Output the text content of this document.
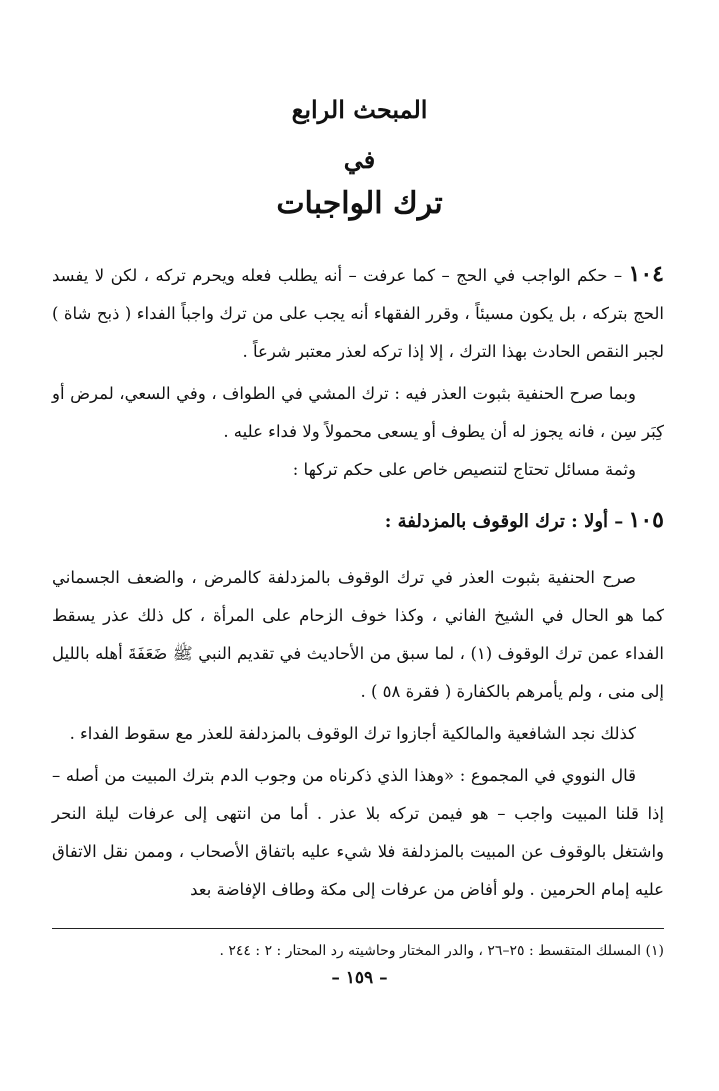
المبحث الرابع
في
ترك الواجبات

١٠٤ – حكم الواجب في الحج – كما عرفت – أنه يطلب فعله ويحرم تركه ، لكن لا يفسد الحج بتركه ، بل يكون مسيئاً ، وقرر الفقهاء أنه يجب على من ترك واجباً الفداء ( ذبح شاة ) لجبر النقص الحادث بهذا الترك ، إلا إذا تركه لعذر معتبر شرعاً .

وبما صرح الحنفية بثبوت العذر فيه : ترك المشي في الطواف ، وفي السعي، لمرض أو كِبَر سِن ، فانه يجوز له أن يطوف أو يسعى محمولاً ولا فداء عليه .

وثمة مسائل تحتاج لتنصيص خاص على حكم تركها :

١٠٥ – أولا : ترك الوقوف بالمزدلفة :

صرح الحنفية بثبوت العذر في ترك الوقوف بالمزدلفة كالمرض ، والضعف الجسماني كما هو الحال في الشيخ الفاني ، وكذا خوف الزحام على المرأة ، كل ذلك عذر يسقط الفداء عمن ترك الوقوف (١) ، لما سبق من الأحاديث في تقديم النبي ﷺ ضَعَفَةَ أهله بالليل إلى منى ، ولم يأمرهم بالكفارة ( فقرة ٥٨ ) .

كذلك نجد الشافعية والمالكية أجازوا ترك الوقوف بالمزدلفة للعذر مع سقوط الفداء .

قال النووي في المجموع : «وهذا الذي ذكرناه من وجوب الدم بترك المبيت من أصله – إذا قلنا المبيت واجب – هو فيمن تركه بلا عذر . أما من انتهى إلى عرفات ليلة النحر واشتغل بالوقوف عن المبيت بالمزدلفة فلا شيء عليه باتفاق الأصحاب ، وممن نقل الاتفاق عليه إمام الحرمين . ولو أفاض من عرفات إلى مكة وطاف الإفاضة بعد

(١) المسلك المتقسط : ٢٥–٢٦ ، والدر المختار وحاشيته رد المحتار : ٢ : ٢٤٤ .
– ١٥٩ –
